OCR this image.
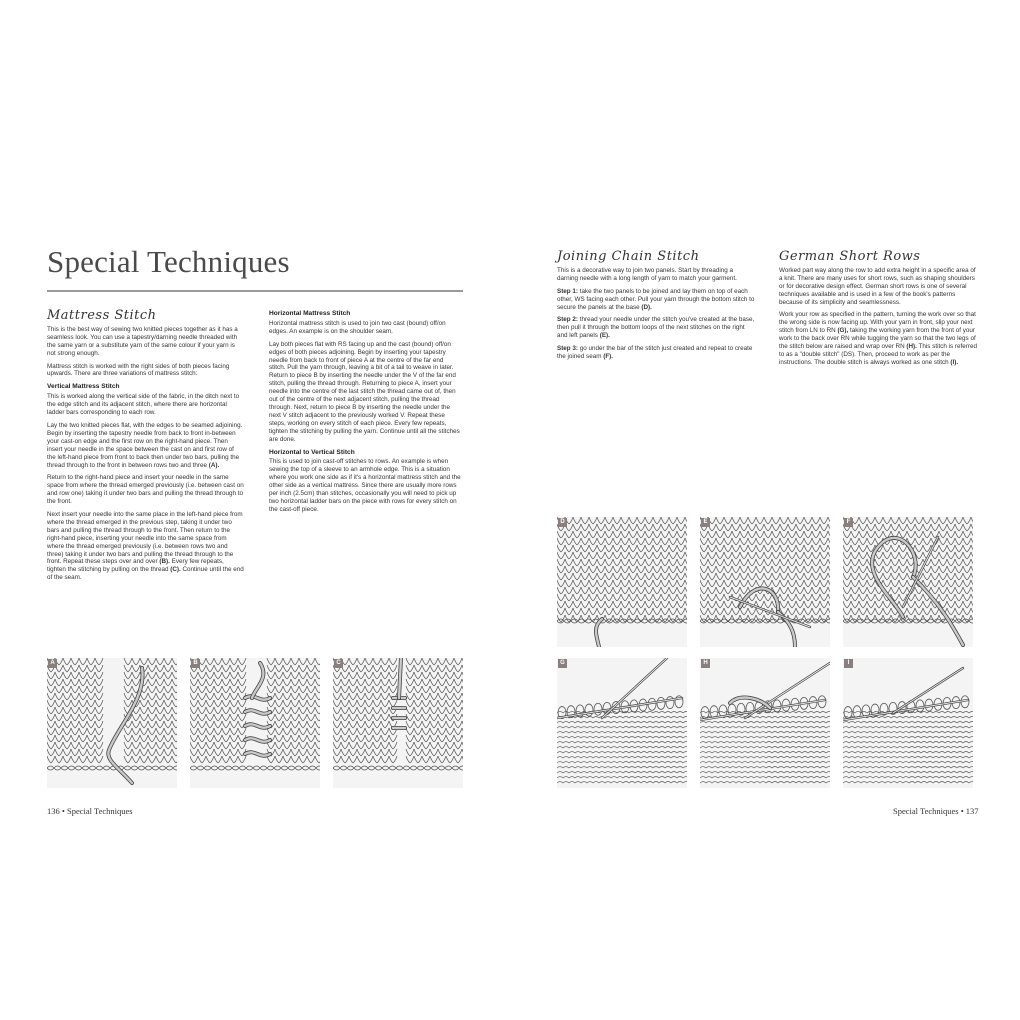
Special Techniques
Mattress Stitch

This is the best way of sewing two knitted pieces together as it has a seamless look. You can use a tapestry/darning needle threaded with the same yarn or a substitute yarn of the same colour if your yarn is not strong enough.

Mattress stitch is worked with the right sides of both pieces facing upwards. There are three variations of mattress stitch:

Vertical Mattress Stitch

This is worked along the vertical side of the fabric, in the ditch next to the edge stitch and its adjacent stitch, where there are horizontal ladder bars corresponding to each row.

Lay the two knitted pieces flat, with the edges to be seamed adjoining. Begin by inserting the tapestry needle from back to front in-between your cast-on edge and the first row on the right-hand piece. Then insert your needle in the space between the cast on and first row of the left-hand piece from front to back then under two bars, pulling the thread through to the front in between rows two and three (A).

Return to the right-hand piece and insert your needle in the same space from where the thread emerged previously (i.e. between cast on and row one) taking it under two bars and pulling the thread through to the front.

Next insert your needle into the same place in the left-hand piece from where the thread emerged in the previous step, taking it under two bars and pulling the thread through to the front. Then return to the right-hand piece, inserting your needle into the same space from where the thread emerged previously (i.e. between rows two and three) taking it under two bars and pulling the thread through to the front. Repeat these steps over and over (B). Every few repeats, tighten the stitching by pulling on the thread (C). Continue until the end of the seam.

Horizontal Mattress Stitch

Horizontal mattress stitch is used to join two cast (bound) off/on edges. An example is on the shoulder seam.

Lay both pieces flat with RS facing up and the cast (bound) off/on edges of both pieces adjoining. Begin by inserting your tapestry needle from back to front of piece A at the centre of the far end stitch. Pull the yarn through, leaving a bit of a tail to weave in later. Return to piece B by inserting the needle under the V of the far end stitch, pulling the thread through. Returning to piece A, insert your needle into the centre of the last stitch the thread came out of, then out of the centre of the next adjacent stitch, pulling the thread through. Next, return to piece B by inserting the needle under the next V stitch adjacent to the previously worked V. Repeat these steps, working on every stitch of each piece. Every few repeats, tighten the stitching by pulling the yarn. Continue until all the stitches are done.

Horizontal to Vertical Stitch

This is used to join cast-off stitches to rows. An example is when sewing the top of a sleeve to an armhole edge. This is a situation where you work one side as if it's a horizontal mattress stitch and the other side as a vertical mattress. Since there are usually more rows per inch (2.5cm) than stitches, occasionally you will need to pick up two horizontal ladder bars on the piece with rows for every stitch on the cast-off piece.

A	B	C
136 • Special Techniques
Joining Chain Stitch

This is a decorative way to join two panels. Start by threading a darning needle with a long length of yarn to match your garment.

Step 1: take the two panels to be joined and lay them on top of each other, WS facing each other. Pull your yarn through the bottom stitch to secure the panels at the base (D).

Step 2: thread your needle under the stitch you've created at the base, then pull it through the bottom loops of the next stitches on the right and left panels (E).

Step 3: go under the bar of the stitch just created and repeat to create the joined seam (F).

German Short Rows

Worked part way along the row to add extra height in a specific area of a knit. There are many uses for short rows, such as shaping shoulders or for decorative design effect. German short rows is one of several techniques available and is used in a few of the book's patterns because of its simplicity and seamlessness.

Work your row as specified in the pattern, turning the work over so that the wrong side is now facing up. With your yarn in front, slip your next stitch from LN to RN (G), taking the working yarn from the front of your work to the back over RN while tugging the yarn so that the two legs of the stitch below are raised and wrap over RN (H). This stitch is referred to as a "double stitch" (DS). Then, proceed to work as per the instructions. The double stitch is always worked as one stitch (I).

D	E	F
G	H	I
Special Techniques • 137
